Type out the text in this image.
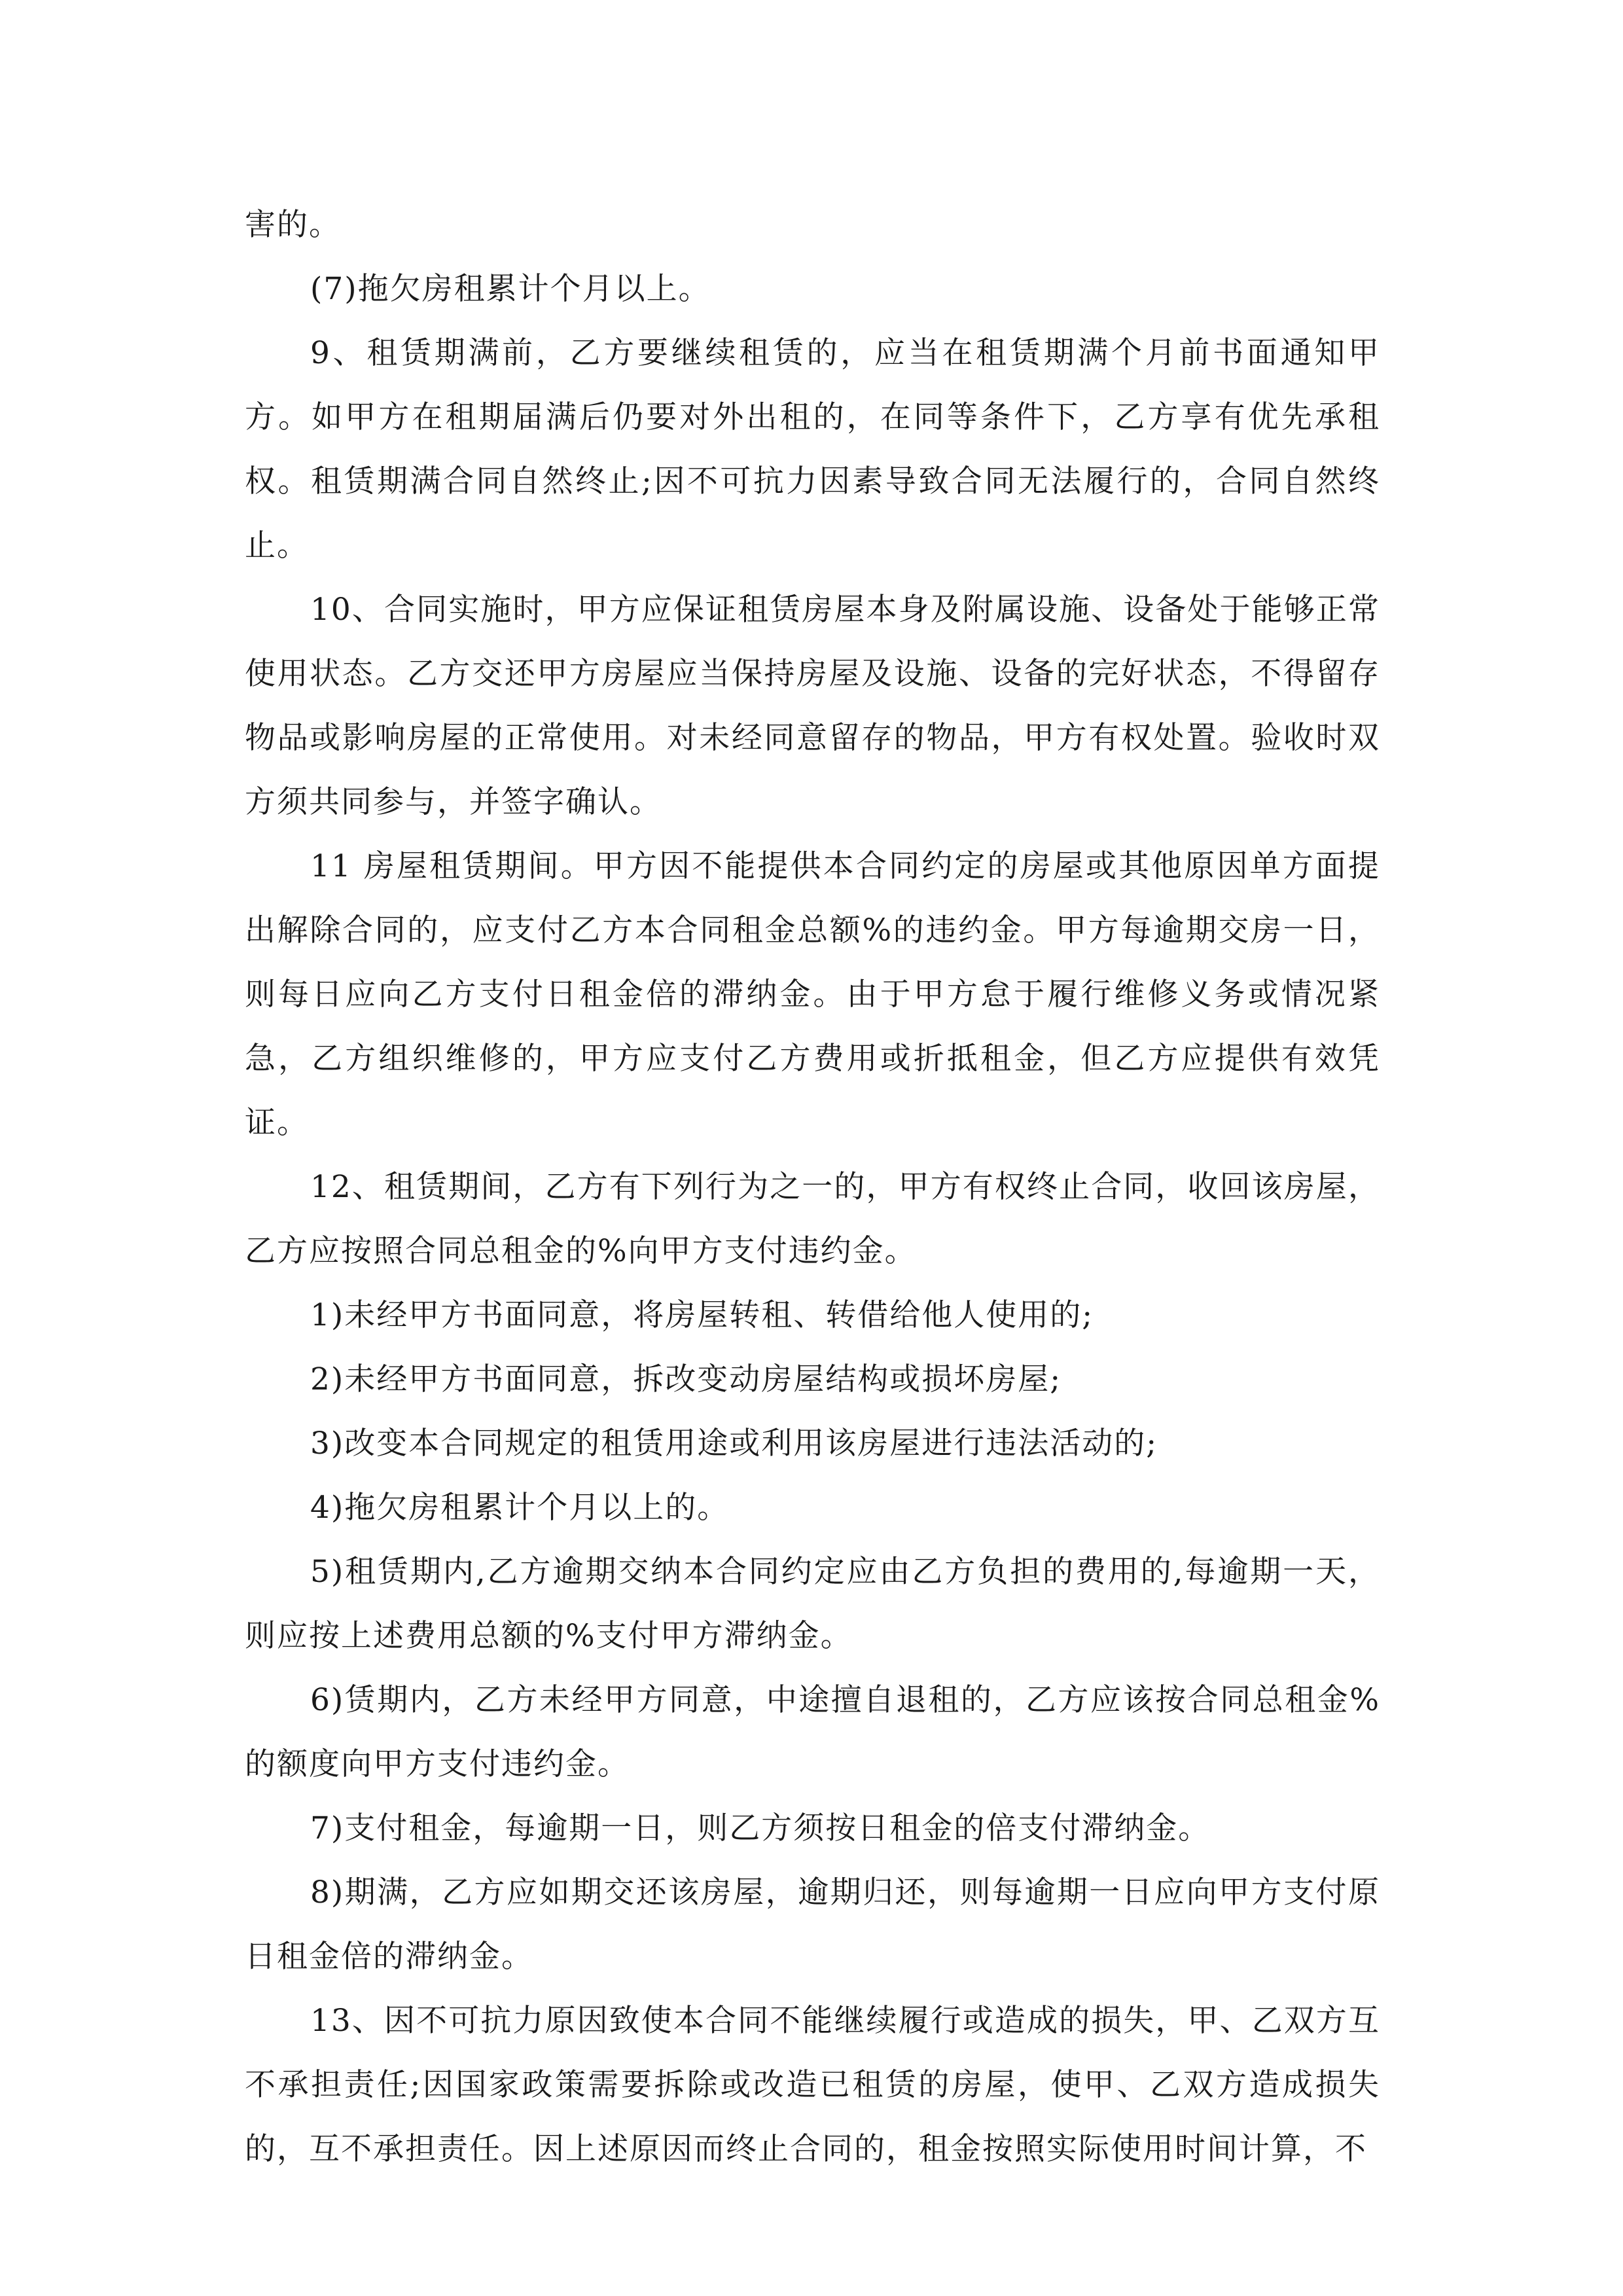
害的。

(7)拖欠房租累计个月以上。

9、租赁期满前，乙方要继续租赁的，应当在租赁期满个月前书面通知甲方。如甲方在租期届满后仍要对外出租的，在同等条件下，乙方享有优先承租权。租赁期满合同自然终止;因不可抗力因素导致合同无法履行的，合同自然终止。

10、合同实施时，甲方应保证租赁房屋本身及附属设施、设备处于能够正常使用状态。乙方交还甲方房屋应当保持房屋及设施、设备的完好状态，不得留存物品或影响房屋的正常使用。对未经同意留存的物品，甲方有权处置。验收时双方须共同参与，并签字确认。

11 房屋租赁期间。甲方因不能提供本合同约定的房屋或其他原因单方面提出解除合同的，应支付乙方本合同租金总额%的违约金。甲方每逾期交房一日，则每日应向乙方支付日租金倍的滞纳金。由于甲方怠于履行维修义务或情况紧急，乙方组织维修的，甲方应支付乙方费用或折抵租金，但乙方应提供有效凭证。

12、租赁期间，乙方有下列行为之一的，甲方有权终止合同，收回该房屋，乙方应按照合同总租金的%向甲方支付违约金。

1)未经甲方书面同意，将房屋转租、转借给他人使用的;

2)未经甲方书面同意，拆改变动房屋结构或损坏房屋;

3)改变本合同规定的租赁用途或利用该房屋进行违法活动的;

4)拖欠房租累计个月以上的。

5)租赁期内,乙方逾期交纳本合同约定应由乙方负担的费用的,每逾期一天，则应按上述费用总额的%支付甲方滞纳金。

6)赁期内，乙方未经甲方同意，中途擅自退租的，乙方应该按合同总租金%的额度向甲方支付违约金。

7)支付租金，每逾期一日，则乙方须按日租金的倍支付滞纳金。

8)期满，乙方应如期交还该房屋，逾期归还，则每逾期一日应向甲方支付原日租金倍的滞纳金。

13、因不可抗力原因致使本合同不能继续履行或造成的损失，甲、乙双方互不承担责任;因国家政策需要拆除或改造已租赁的房屋，使甲、乙双方造成损失的，互不承担责任。因上述原因而终止合同的，租金按照实际使用时间计算，不
